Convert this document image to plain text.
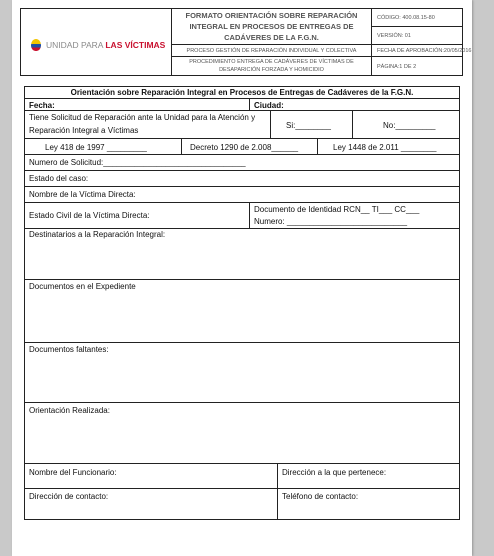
UNIDAD PARA LAS VÍCTIMAS
FORMATO ORIENTACIÓN SOBRE REPARACIÓN INTEGRAL EN PROCESOS DE ENTREGAS DE CADÁVERES DE LA F.G.N.
PROCESO GESTIÓN DE REPARACIÓN INDIVIDUAL Y COLECTIVA
PROCEDIMIENTO ENTREGA DE CADÁVERES DE VÍCTIMAS DE DESAPARICIÓN FORZADA Y HOMICIDIO
CÓDIGO: 400.08.15-80
VERSIÓN: 01
FECHA DE APROBACIÓN:20/05/2016
PÁGINA:1 DE 2
Orientación sobre Reparación Integral en Procesos de Entregas de Cadáveres de la F.G.N.
Fecha:	Ciudad:
Tiene Solicitud de Reparación ante la Unidad para la Atención y
Reparación Integral a Víctimas
Si:________	No:_________
Ley 418 de 1997 _________	Decreto 1290 de 2.008______	Ley 1448 de 2.011 ________
Numero de Solicitud:________________________________
Estado del caso:
Nombre de la Víctima Directa:
Estado Civil de la Víctima Directa:
Documento de Identidad RCN__ TI___ CC___
Numero: ___________________________
Destinatarios a la Reparación Integral:
Documentos en el Expediente
Documentos faltantes:
Orientación Realizada:
Nombre del Funcionario:	Dirección a la que pertenece:
Dirección de contacto:	Teléfono de contacto:
